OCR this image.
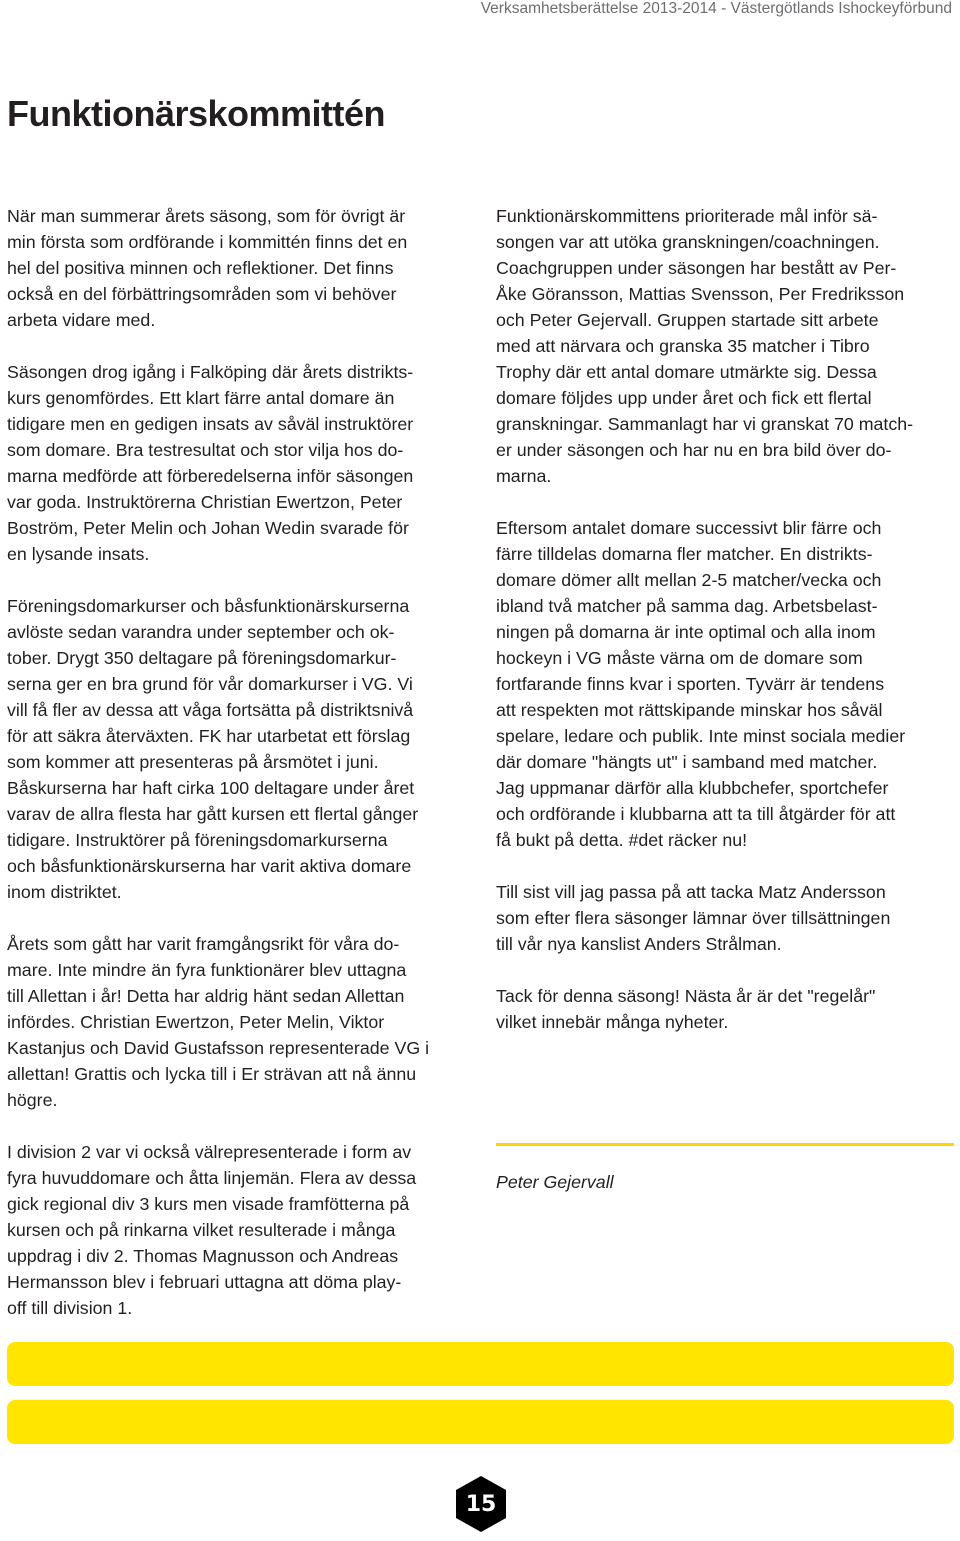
Verksamhetsberättelse 2013-2014 - Västergötlands Ishockeyförbund
Funktionärskommittén

När man summerar årets säsong, som för övrigt är
min första som ordförande i kommittén finns det en
hel del positiva minnen och reflektioner. Det finns
också en del förbättringsområden som vi behöver
arbeta vidare med.

Säsongen drog igång i Falköping där årets distrikts-
kurs genomfördes. Ett klart färre antal domare än
tidigare men en gedigen insats av såväl instruktörer
som domare. Bra testresultat och stor vilja hos do-
marna medförde att förberedelserna inför säsongen
var goda. Instruktörerna Christian Ewertzon, Peter
Boström, Peter Melin och Johan Wedin svarade för
en lysande insats.

Föreningsdomarkurser och båsfunktionärskurserna
avlöste sedan varandra under september och ok-
tober. Drygt 350 deltagare på föreningsdomarkur-
serna ger en bra grund för vår domarkurser i VG. Vi
vill få fler av dessa att våga fortsätta på distriktsnivå
för att säkra återväxten. FK har utarbetat ett förslag
som kommer att presenteras på årsmötet i juni.
Båskurserna har haft cirka 100 deltagare under året
varav de allra flesta har gått kursen ett flertal gånger
tidigare. Instruktörer på föreningsdomarkurserna
och båsfunktionärskurserna har varit aktiva domare
inom distriktet.

Årets som gått har varit framgångsrikt för våra do-
mare. Inte mindre än fyra funktionärer blev uttagna
till Allettan i år! Detta har aldrig hänt sedan Allettan
infördes. Christian Ewertzon, Peter Melin, Viktor
Kastanjus och David Gustafsson representerade VG i
allettan! Grattis och lycka till i Er strävan att nå ännu
högre.

I division 2 var vi också välrepresenterade i form av
fyra huvuddomare och åtta linjemän. Flera av dessa
gick regional div 3 kurs men visade framfötterna på
kursen och på rinkarna vilket resulterade i många
uppdrag i div 2. Thomas Magnusson och Andreas
Hermansson blev i februari uttagna att döma play-
off till division 1.

Funktionärskommittens prioriterade mål inför sä-
songen var att utöka granskningen/coachningen.
Coachgruppen under säsongen har bestått av Per-
Åke Göransson, Mattias Svensson, Per Fredriksson
och Peter Gejervall. Gruppen startade sitt arbete
med att närvara och granska 35 matcher i Tibro
Trophy där ett antal domare utmärkte sig. Dessa
domare följdes upp under året och fick ett flertal
granskningar. Sammanlagt har vi granskat 70 match-
er under säsongen och har nu en bra bild över do-
marna.

Eftersom antalet domare successivt blir färre och
färre tilldelas domarna fler matcher. En distrikts-
domare dömer allt mellan 2-5 matcher/vecka och
ibland två matcher på samma dag. Arbetsbelast-
ningen på domarna är inte optimal och alla inom
hockeyn i VG måste värna om de domare som
fortfarande finns kvar i sporten. Tyvärr är tendens
att respekten mot rättskipande minskar hos såväl
spelare, ledare och publik. Inte minst sociala medier
där domare "hängts ut" i samband med matcher.
Jag uppmanar därför alla klubbchefer, sportchefer
och ordförande i klubbarna att ta till åtgärder för att
få bukt på detta. #det räcker nu!

Till sist vill jag passa på att tacka Matz Andersson
som efter flera säsonger lämnar över tillsättningen
till vår nya kanslist Anders Strålman.

Tack för denna säsong! Nästa år är det "regelår"
vilket innebär många nyheter.

Peter Gejervall
15
